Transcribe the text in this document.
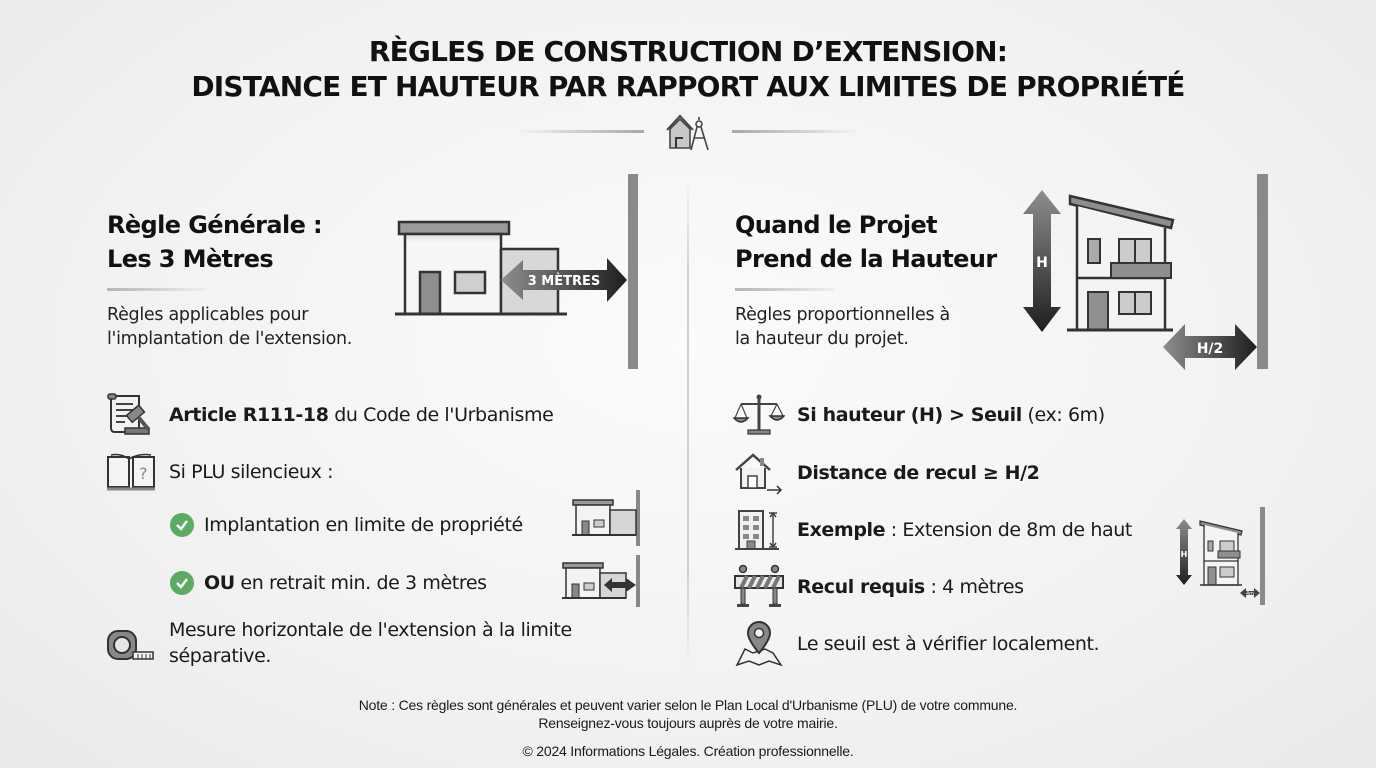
RÈGLES DE CONSTRUCTION D’EXTENSION:
DISTANCE ET HAUTEUR PAR RAPPORT AUX LIMITES DE PROPRIÉTÉ
Règle Générale :
Les 3 Mètres
Règles applicables pour
l'implantation de l'extension.
3 MÈTRES
Article R111-18 du Code de l'Urbanisme
? Si PLU silencieux :
Implantation en limite de propriété
OU en retrait min. de 3 mètres
Mesure horizontale de l'extension à la limite
séparative.
Quand le Projet
Prend de la Hauteur
Règles proportionnelles à
la hauteur du projet.
H
H/2
Si hauteur (H) > Seuil (ex: 6m)
Distance de recul ≥ H/2
Exemple : Extension de 8m de haut
Recul requis : 4 mètres
Le seuil est à vérifier localement.
H
4m
Note : Ces règles sont générales et peuvent varier selon le Plan Local d'Urbanisme (PLU) de votre commune.
Renseignez-vous toujours auprès de votre mairie.
© 2024 Informations Légales. Création professionnelle.
